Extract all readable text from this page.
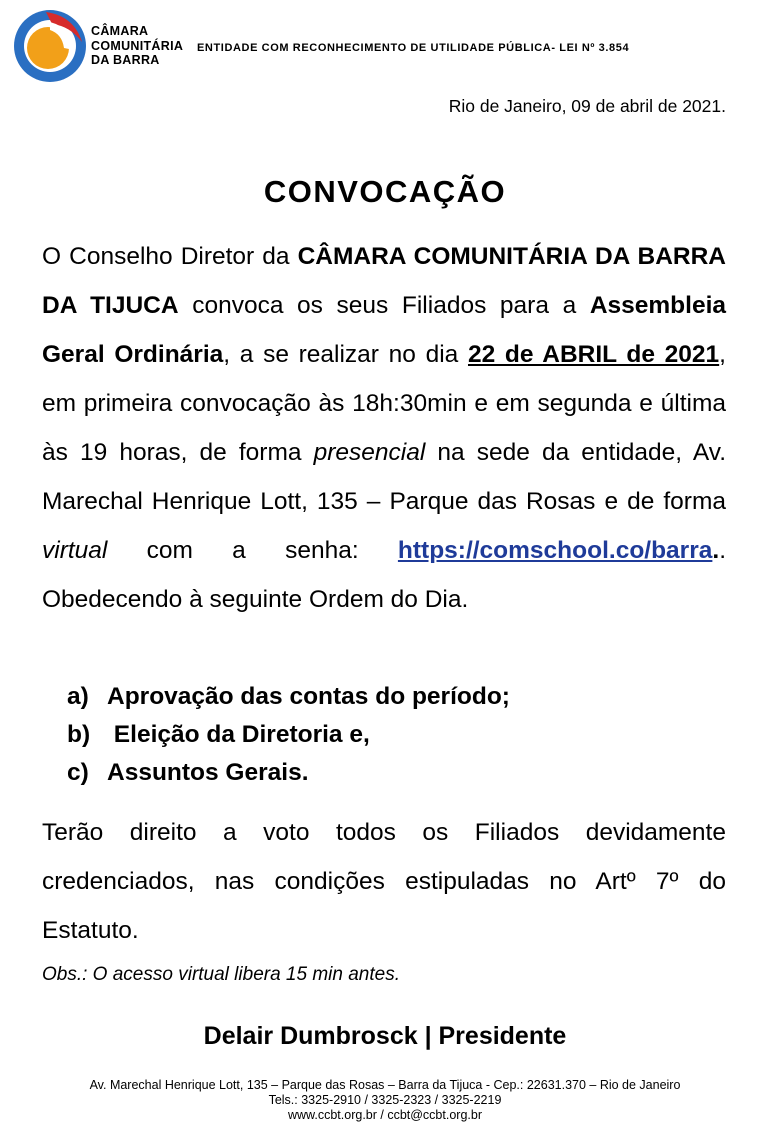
CÂMARA
COMUNITÁRIA
DA BARRA
ENTIDADE COM RECONHECIMENTO DE UTILIDADE PÚBLICA- LEI Nº 3.854
Rio de Janeiro, 09 de abril de 2021.
CONVOCAÇÃO
O Conselho Diretor da CÂMARA COMUNITÁRIA DA BARRA DA TIJUCA convoca os seus Filiados para a Assembleia Geral Ordinária, a se realizar no dia 22 de ABRIL de 2021, em primeira convocação às 18h:30min e em segunda e última às 19 horas, de forma presencial na sede da entidade, Av. Marechal Henrique Lott, 135 – Parque das Rosas e de forma virtual com a senha: https://comschool.co/barra.. Obedecendo à seguinte Ordem do Dia.
a) Aprovação das contas do período;
b) Eleição da Diretoria e,
c) Assuntos Gerais.
Terão direito a voto todos os Filiados devidamente credenciados, nas condições estipuladas no Artº 7º do Estatuto.
Obs.: O acesso virtual libera 15 min antes.
Delair Dumbrosck | Presidente
Av. Marechal Henrique Lott, 135 – Parque das Rosas – Barra da Tijuca - Cep.: 22631.370 – Rio de Janeiro
Tels.: 3325-2910 / 3325-2323 / 3325-2219
www.ccbt.org.br / ccbt@ccbt.org.br
